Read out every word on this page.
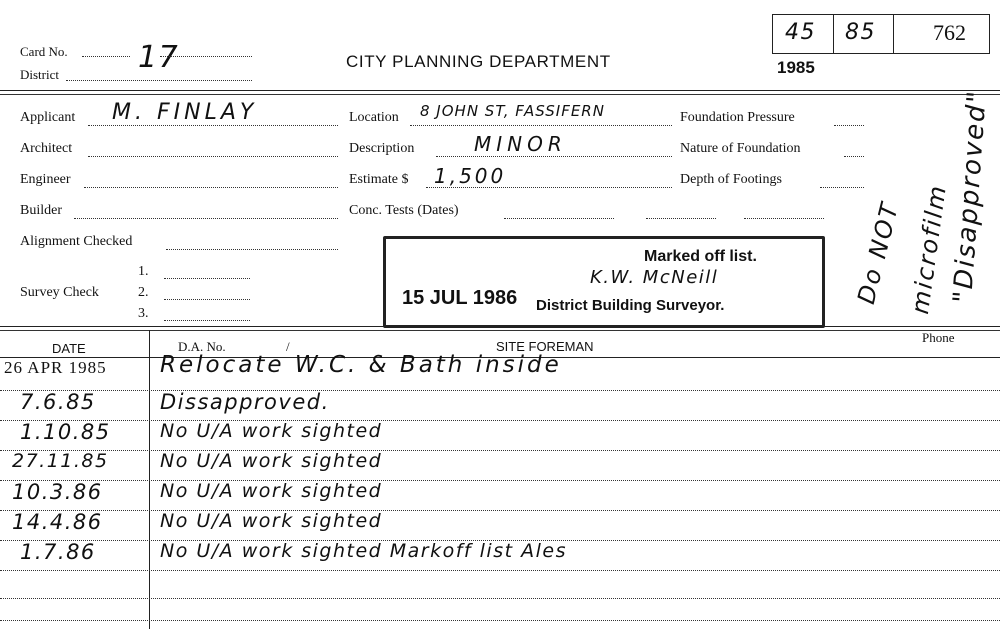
Card No. 17
District
CITY PLANNING DEPARTMENT
45 85	762
1985
Applicant M. FINLAY
Architect
Engineer
Builder
Alignment Checked
Survey Check
1.
2.
3.
Location 8 JOHN ST, FASSIFERN
Description	MINOR
Estimate $ 1,500
Conc. Tests (Dates)
Foundation Pressure
Nature of Foundation
Depth of Footings
Do NOT microfilm
"Disapproved"
Marked off list.
K.W. McNeill
15 JUL 1986 District Building Surveyor.
DATE	D.A. No.	/	SITE FOREMAN
Phone
26 APR 1985 Relocate W.C. & Bath inside
7.6.85	Dissapproved.
1.10.85	No U/A work sighted
27.11.85	No U/A work sighted
10.3.86	No U/A work sighted
14.4.86	No U/A work sighted
1.7.86	No U/A work sighted Markoff list Ales
